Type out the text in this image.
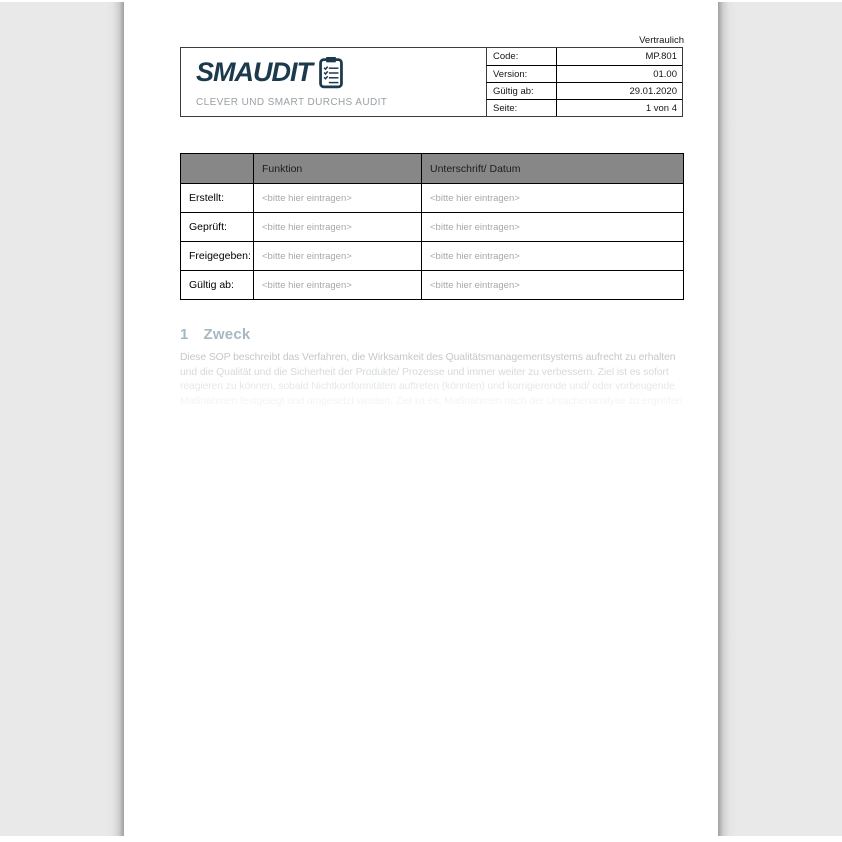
Vertraulich
SMAUDIT
CLEVER UND SMART DURCHS AUDIT
Code:	MP.801
Version:	01.00
Gültig ab:	29.01.2020
Seite:	1 von 4
	Funktion	Unterschrift/ Datum
Erstellt:	<bitte hier eintragen>	<bitte hier eintragen>
Geprüft:	<bitte hier eintragen>	<bitte hier eintragen>
Freigegeben:	<bitte hier eintragen>	<bitte hier eintragen>
Gültig ab:	<bitte hier eintragen>	<bitte hier eintragen>
1 Zweck
Diese SOP beschreibt das Verfahren, die Wirksamkeit des Qualitätsmanagementsystems aufrecht zu erhalten
und die Qualität und die Sicherheit der Produkte/ Prozesse und immer weiter zu verbessern. Ziel ist es sofort
reagieren zu können, sobald Nichtkonformitäten auftreten (könnten) und korrigierende und/ oder vorbeugende
Maßnahmen festgelegt und umgesetzt werden. Ziel ist es, Maßnahmen nach der Ursachenanalyse zu ergreifen
